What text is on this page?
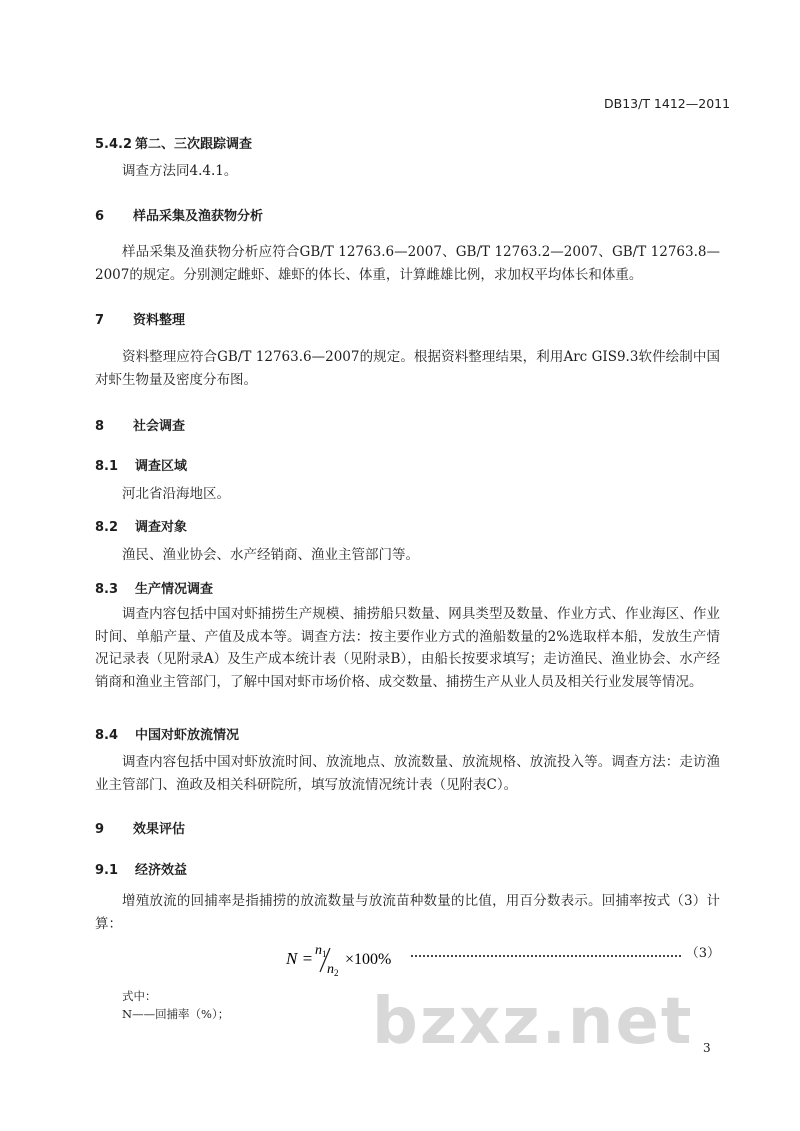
DB13/T 1412—2011
5.4.2 第二、三次跟踪调查
调查方法同4.4.1。
6 样品采集及渔获物分析
样品采集及渔获物分析应符合GB/T 12763.6—2007、GB/T 12763.2—2007、GB/T 12763.8—2007的规定。分别测定雌虾、雄虾的体长、体重，计算雌雄比例，求加权平均体长和体重。
7 资料整理
资料整理应符合GB/T 12763.6—2007的规定。根据资料整理结果，利用Arc GIS9.3软件绘制中国对虾生物量及密度分布图。
8 社会调查
8.1 调查区域
河北省沿海地区。
8.2 调查对象
渔民、渔业协会、水产经销商、渔业主管部门等。
8.3 生产情况调查
调查内容包括中国对虾捕捞生产规模、捕捞船只数量、网具类型及数量、作业方式、作业海区、作业时间、单船产量、产值及成本等。调查方法：按主要作业方式的渔船数量的2%选取样本船，发放生产情况记录表（见附录A）及生产成本统计表（见附录B），由船长按要求填写；走访渔民、渔业协会、水产经销商和渔业主管部门，了解中国对虾市场价格、成交数量、捕捞生产从业人员及相关行业发展等情况。
8.4 中国对虾放流情况
调查内容包括中国对虾放流时间、放流地点、放流数量、放流规格、放流投入等。调查方法：走访渔业主管部门、渔政及相关科研院所，填写放流情况统计表（见附表C）。
9 效果评估
9.1 经济效益
增殖放流的回捕率是指捕捞的放流数量与放流苗种数量的比值，用百分数表示。回捕率按式（3）计算：
N = n 1
n 2
×100%	（3）
式中：
N——回捕率（%）； bzxz.net 3
